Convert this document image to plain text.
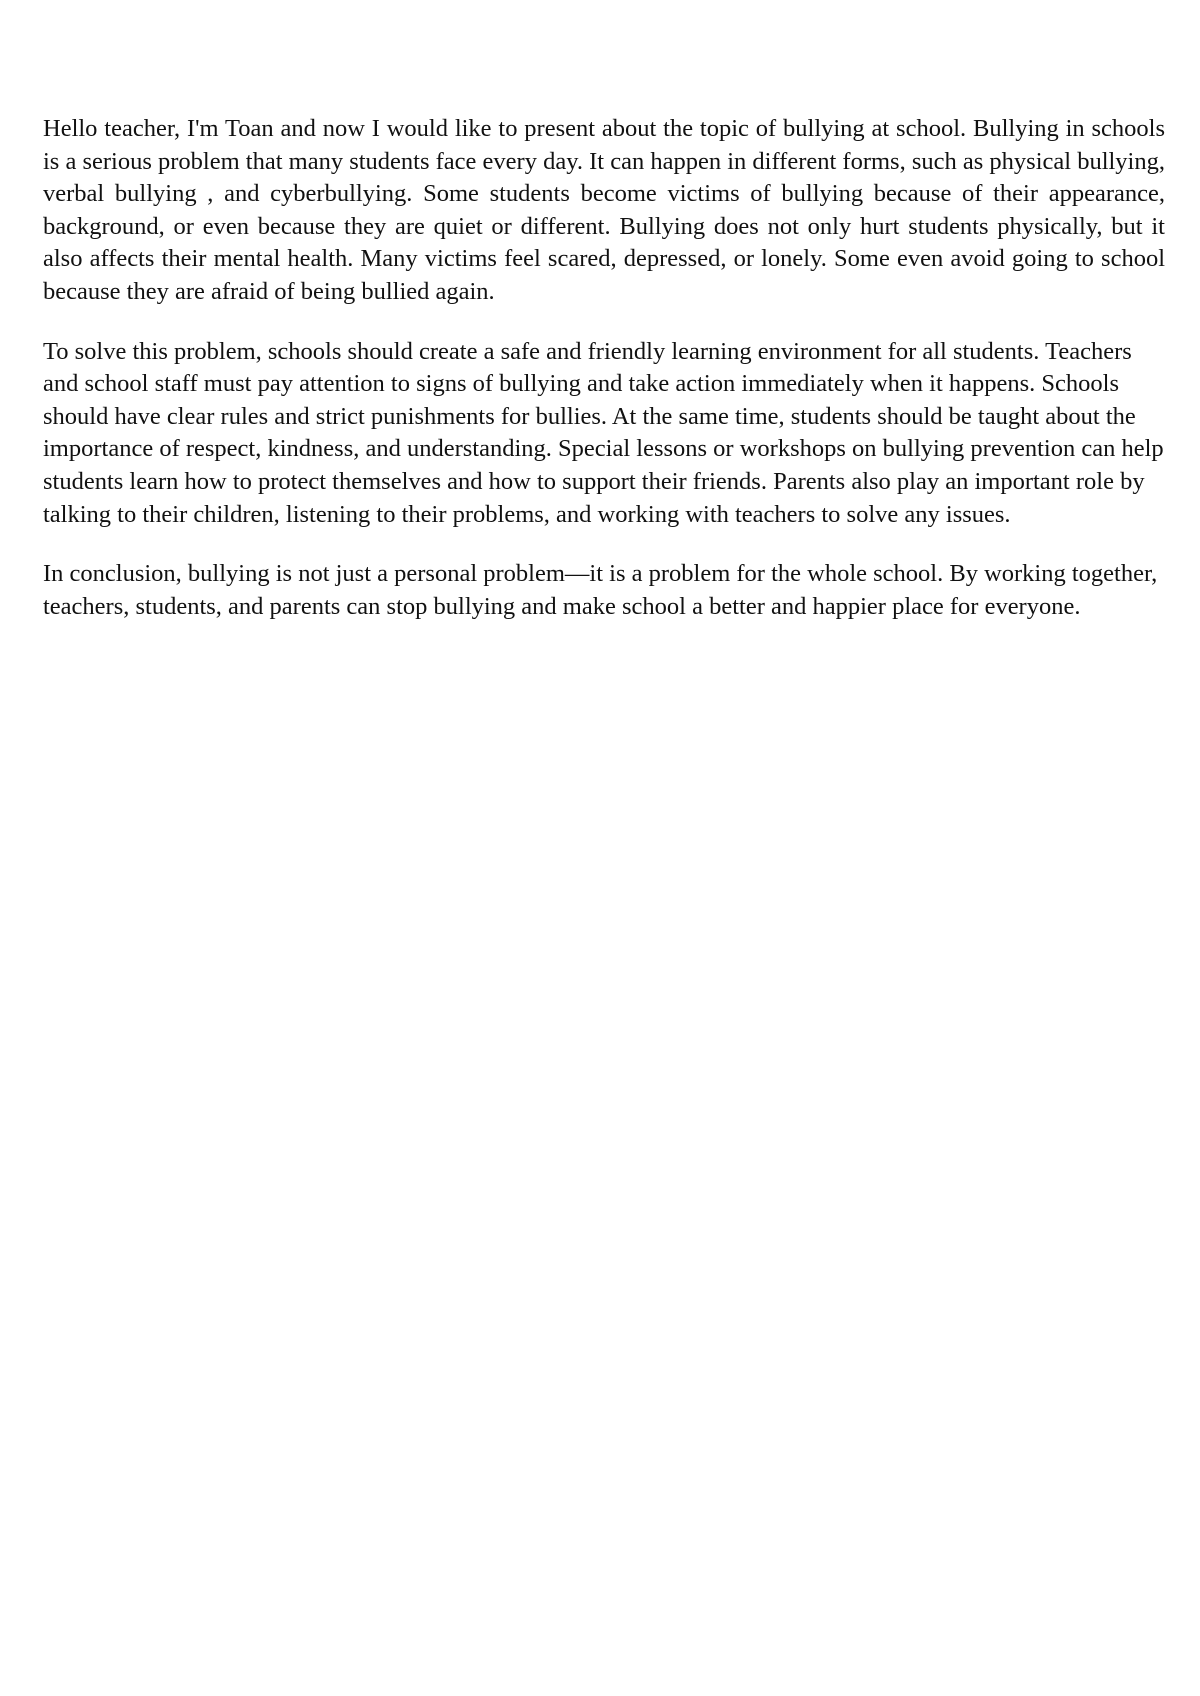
Hello teacher, I'm Toan and now I would like to present about the topic of bullying at school. Bullying in schools is a serious problem that many students face every day. It can happen in different forms, such as physical bullying, verbal bullying , and cyberbullying. Some students become victims of bullying because of their appearance, background, or even because they are quiet or different. Bullying does not only hurt students physically, but it also affects their mental health. Many victims feel scared, depressed, or lonely. Some even avoid going to school because they are afraid of being bullied again.

To solve this problem, schools should create a safe and friendly learning environment for all students. Teachers and school staff must pay attention to signs of bullying and take action immediately when it happens. Schools should have clear rules and strict punishments for bullies. At the same time, students should be taught about the importance of respect, kindness, and understanding. Special lessons or workshops on bullying prevention can help students learn how to protect themselves and how to support their friends. Parents also play an important role by talking to their children, listening to their problems, and working with teachers to solve any issues.

In conclusion, bullying is not just a personal problem—it is a problem for the whole school. By working together, teachers, students, and parents can stop bullying and make school a better and happier place for everyone.
